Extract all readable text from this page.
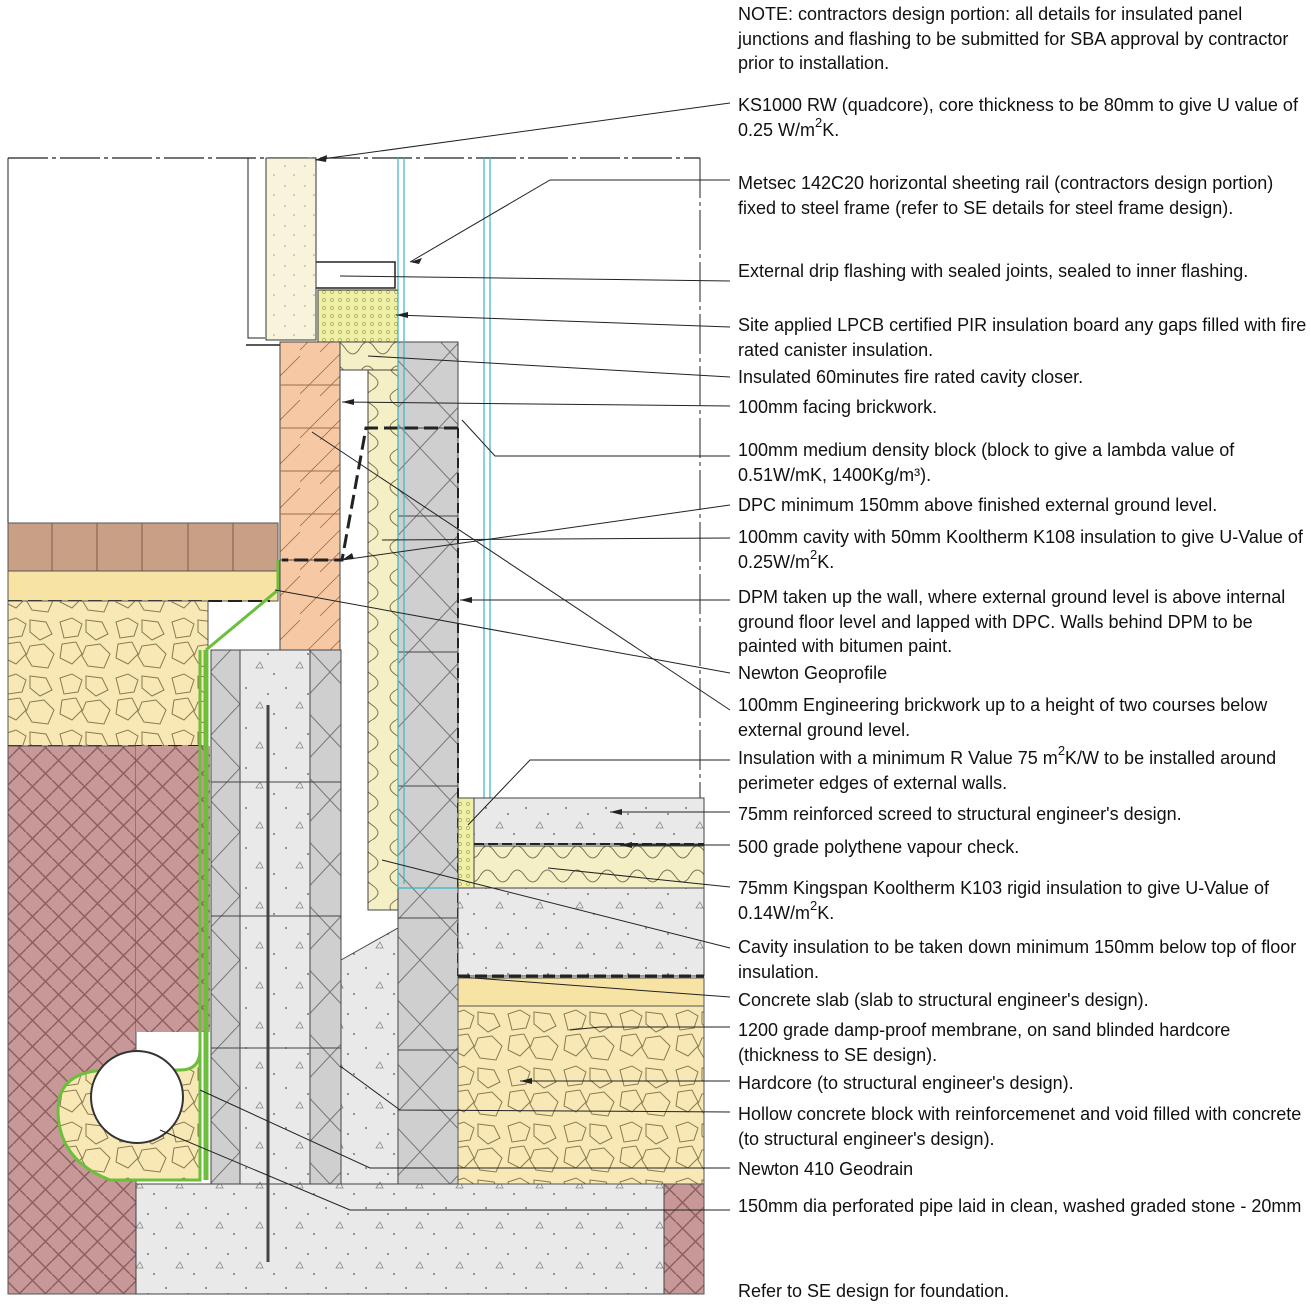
NOTE: contractors design portion: all details for insulated panel junctions and flashing to be submitted for SBA approval by contractor prior to installation.

KS1000 RW (quadcore), core thickness to be 80mm to give U value of 0.25 $W/m^2K$.

Metsec 142C20 horizontal sheeting rail (contractors design portion) fixed to steel frame (refer to SE details for steel frame design).

External drip flashing with sealed joints, sealed to inner flashing.

Site applied LPCB certified PIR insulation board any gaps filled with fire rated canister insulation.

Insulated 60minutes fire rated cavity closer.

100mm facing brickwork.

100mm medium density block (block to give a lambda value of 0.51W/mK, 1400Kg/m³).

DPC minimum 150mm above finished external ground level.

100mm cavity with 50mm Kooltherm K108 insulation to give U-Value of $0.25W/m^2K$.

DPM taken up the wall, where external ground level is above internal ground floor level and lapped with DPC. Walls behind DPM to be painted with bitumen paint.

Newton Geoprofile

100mm Engineering brickwork up to a height of two courses below external ground level.

Insulation with a minimum R Value 75 $m^2K/W$ to be installed around perimeter edges of external walls.

75mm reinforced screed to structural engineer's design.

500 grade polythene vapour check.

75mm Kingspan Kooltherm K103 rigid insulation to give U-Value of $0.14W/m^2K$.

Cavity insulation to be taken down minimum 150mm below top of floor insulation.

Concrete slab (slab to structural engineer's design).

1200 grade damp-proof membrane, on sand blinded hardcore (thickness to SE design).

Hardcore (to structural engineer's design).

Hollow concrete block with reinforcemenet and void filled with concrete (to structural engineer's design).

Newton 410 Geodrain

150mm dia perforated pipe laid in clean, washed graded stone - 20mm

Refer to SE design for foundation.
